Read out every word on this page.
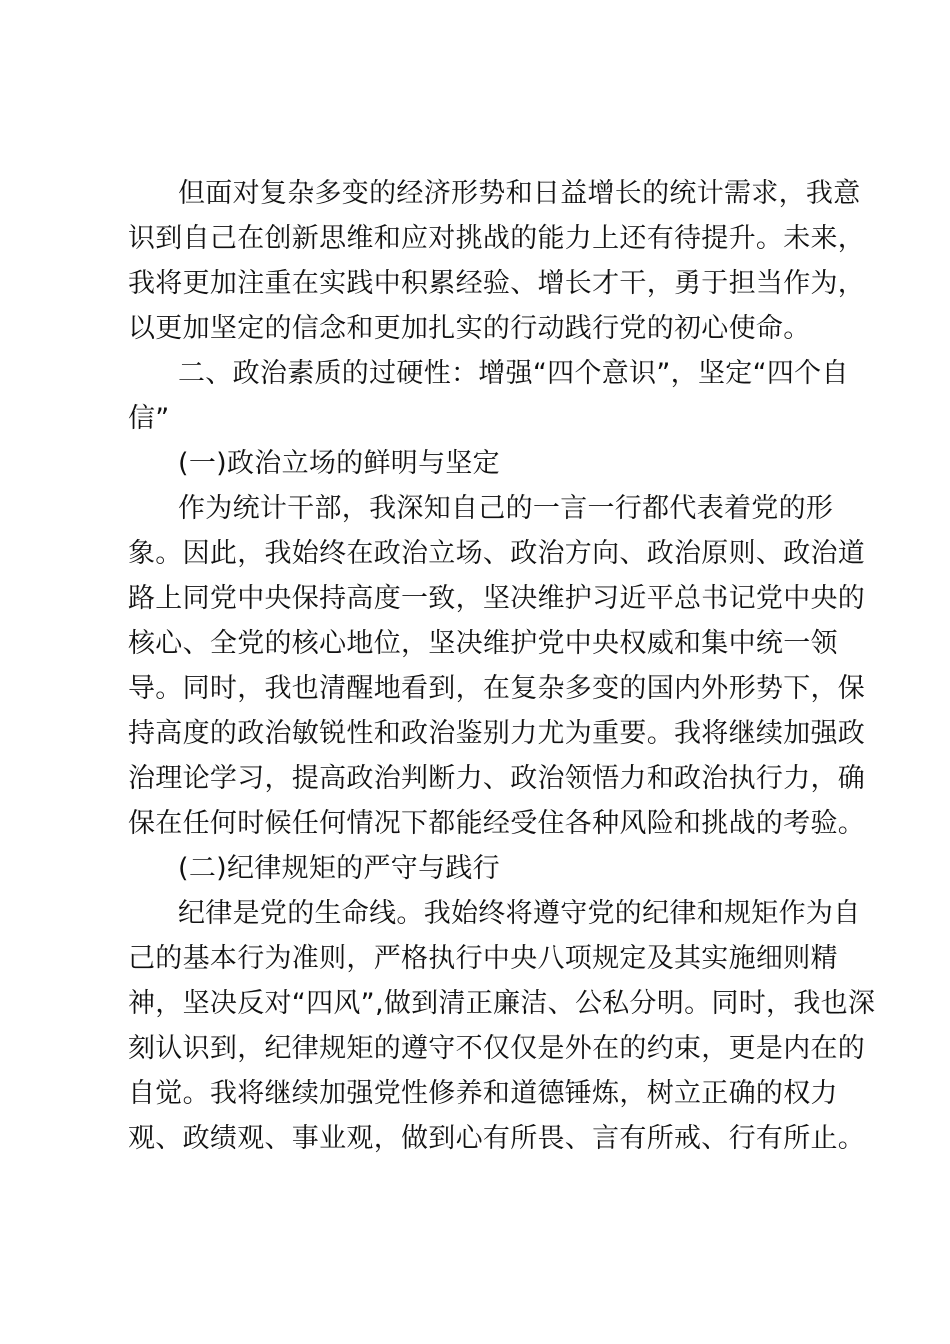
但面对复杂多变的经济形势和日益增长的统计需求，我意
识到自己在创新思维和应对挑战的能力上还有待提升。未来，
我将更加注重在实践中积累经验、增长才干，勇于担当作为，
以更加坚定的信念和更加扎实的行动践行党的初心使命。
二、政治素质的过硬性：增强“四个意识”，坚定“四个自
信”
(一)政治立场的鲜明与坚定
作为统计干部，我深知自己的一言一行都代表着党的形
象。因此，我始终在政治立场、政治方向、政治原则、政治道
路上同党中央保持高度一致，坚决维护习近平总书记党中央的
核心、全党的核心地位，坚决维护党中央权威和集中统一领
导。同时，我也清醒地看到，在复杂多变的国内外形势下，保
持高度的政治敏锐性和政治鉴别力尤为重要。我将继续加强政
治理论学习，提高政治判断力、政治领悟力和政治执行力，确
保在任何时候任何情况下都能经受住各种风险和挑战的考验。
(二)纪律规矩的严守与践行
纪律是党的生命线。我始终将遵守党的纪律和规矩作为自
己的基本行为准则，严格执行中央八项规定及其实施细则精
神，坚决反对“四风”,做到清正廉洁、公私分明。同时，我也深
刻认识到，纪律规矩的遵守不仅仅是外在的约束，更是内在的
自觉。我将继续加强党性修养和道德锤炼，树立正确的权力
观、政绩观、事业观，做到心有所畏、言有所戒、行有所止。
